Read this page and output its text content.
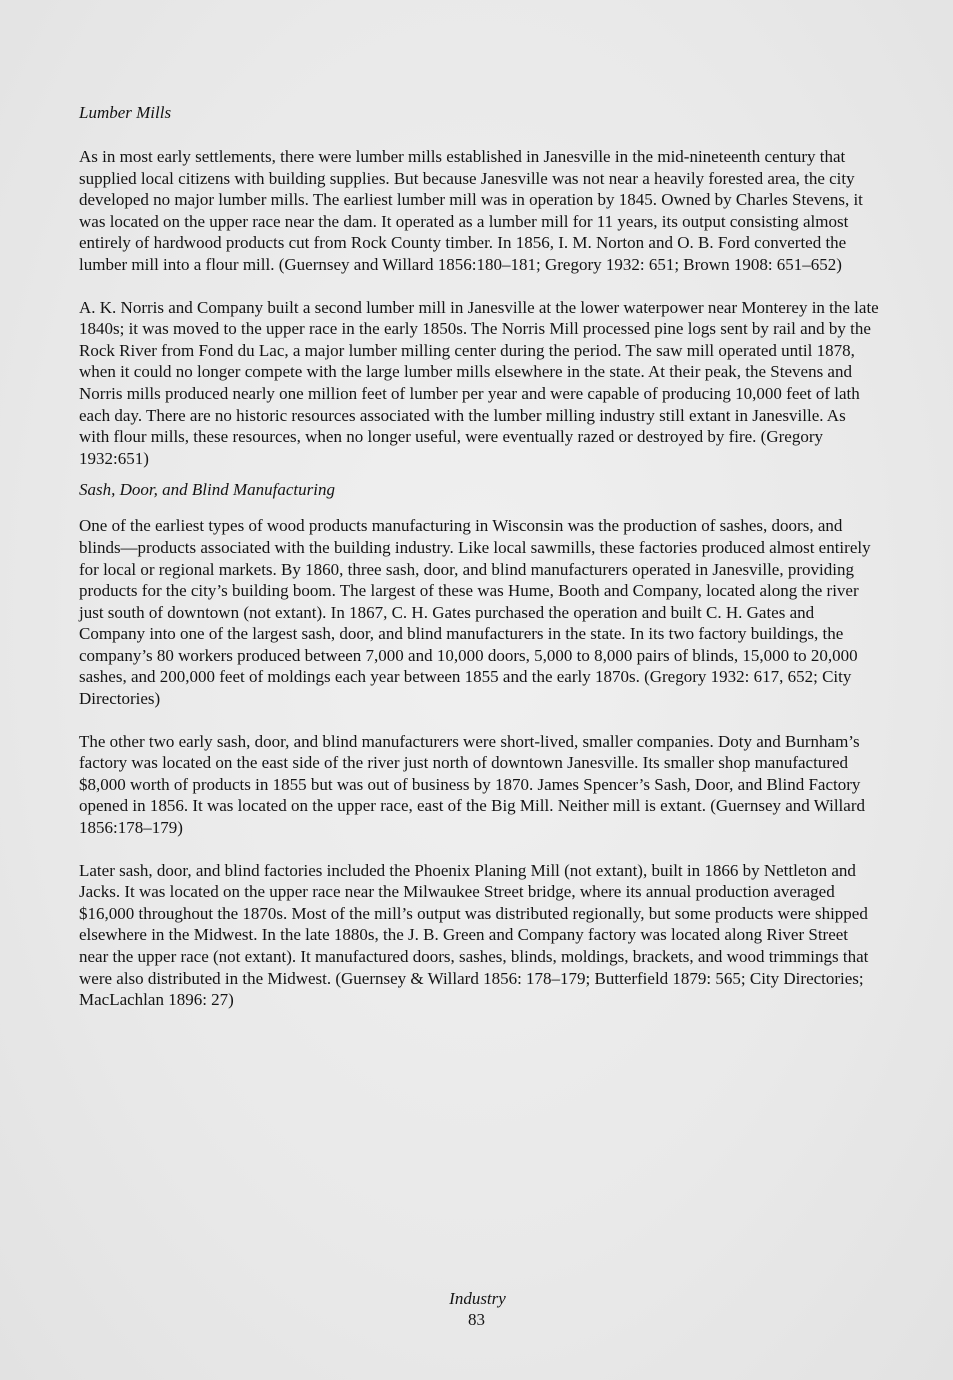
Lumber Mills

As in most early settlements, there were lumber mills established in Janesville in the mid-nineteenth century that supplied local citizens with building supplies. But because Janesville was not near a heavily forested area, the city developed no major lumber mills. The earliest lumber mill was in operation by 1845. Owned by Charles Stevens, it was located on the upper race near the dam. It operated as a lumber mill for 11 years, its output consisting almost entirely of hardwood products cut from Rock County timber. In 1856, I. M. Norton and O. B. Ford converted the lumber mill into a flour mill. (Guernsey and Willard 1856:180–181; Gregory 1932: 651; Brown 1908: 651–652)

A. K. Norris and Company built a second lumber mill in Janesville at the lower waterpower near Monterey in the late 1840s; it was moved to the upper race in the early 1850s. The Norris Mill processed pine logs sent by rail and by the Rock River from Fond du Lac, a major lumber milling center during the period. The saw mill operated until 1878, when it could no longer compete with the large lumber mills elsewhere in the state. At their peak, the Stevens and Norris mills produced nearly one million feet of lumber per year and were capable of producing 10,000 feet of lath each day. There are no historic resources associated with the lumber milling industry still extant in Janesville. As with flour mills, these resources, when no longer useful, were eventually razed or destroyed by fire. (Gregory 1932:651)

Sash, Door, and Blind Manufacturing

One of the earliest types of wood products manufacturing in Wisconsin was the production of sashes, doors, and blinds—products associated with the building industry. Like local sawmills, these factories produced almost entirely for local or regional markets. By 1860, three sash, door, and blind manufacturers operated in Janesville, providing products for the city’s building boom. The largest of these was Hume, Booth and Company, located along the river just south of downtown (not extant). In 1867, C. H. Gates purchased the operation and built C. H. Gates and Company into one of the largest sash, door, and blind manufacturers in the state. In its two factory buildings, the company’s 80 workers produced between 7,000 and 10,000 doors, 5,000 to 8,000 pairs of blinds, 15,000 to 20,000 sashes, and 200,000 feet of moldings each year between 1855 and the early 1870s. (Gregory 1932: 617, 652; City Directories)

The other two early sash, door, and blind manufacturers were short-lived, smaller companies. Doty and Burnham’s factory was located on the east side of the river just north of downtown Janesville. Its smaller shop manufactured $8,000 worth of products in 1855 but was out of business by 1870. James Spencer’s Sash, Door, and Blind Factory opened in 1856. It was located on the upper race, east of the Big Mill. Neither mill is extant. (Guernsey and Willard 1856:178–179)

Later sash, door, and blind factories included the Phoenix Planing Mill (not extant), built in 1866 by Nettleton and Jacks. It was located on the upper race near the Milwaukee Street bridge, where its annual production averaged $16,000 throughout the 1870s. Most of the mill’s output was distributed regionally, but some products were shipped elsewhere in the Midwest. In the late 1880s, the J. B. Green and Company factory was located along River Street near the upper race (not extant). It manufactured doors, sashes, blinds, moldings, brackets, and wood trimmings that were also distributed in the Midwest. (Guernsey & Willard 1856: 178–179; Butterfield 1879: 565; City Directories; MacLachlan 1896: 27)

Industry
83
